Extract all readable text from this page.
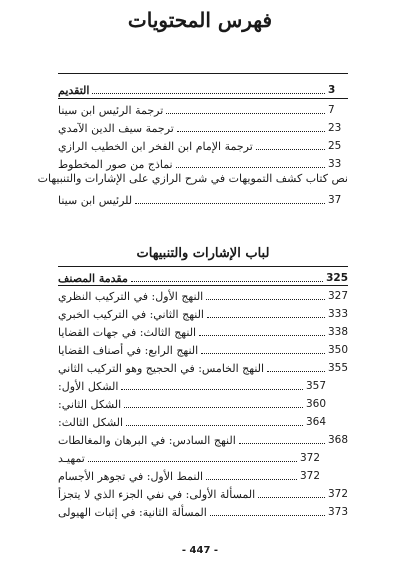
فهرس المحتويات
التقديم	3
ترجمة الرئيس ابن سينا	7
ترجمة سيف الدين الآمدي	23
ترجمة الإمام ابن الفخر ابن الخطيب الرازي	25
نماذج من صور المخطوط	33
نص كتاب كشف التمويهات في شرح الرازي على الإشارات والتنبيهات
للرئيس ابن سينا	37
لباب الإشارات والتنبيهات
مقدمة المصنف	325
النهج الأول: في التركيب النظري	327
النهج الثاني: في التركيب الخبري	333
النهج الثالث: في جهات القضايا	338
النهج الرابع: في أصناف القضايا	350
النهج الخامس: في الحجيج وهو التركيب الثاني	355
الشكل الأول:	357
الشكل الثاني:	360
الشكل الثالث:	364
النهج السادس: في البرهان والمغالطات	368
تمهيـد	372
النمط الأول: في تجوهر الأجسام	372
المسألة الأولى: في نفي الجزء الذي لا يتجزأ	372
المسألة الثانية: في إثبات الهيولى	373
- 447 -
